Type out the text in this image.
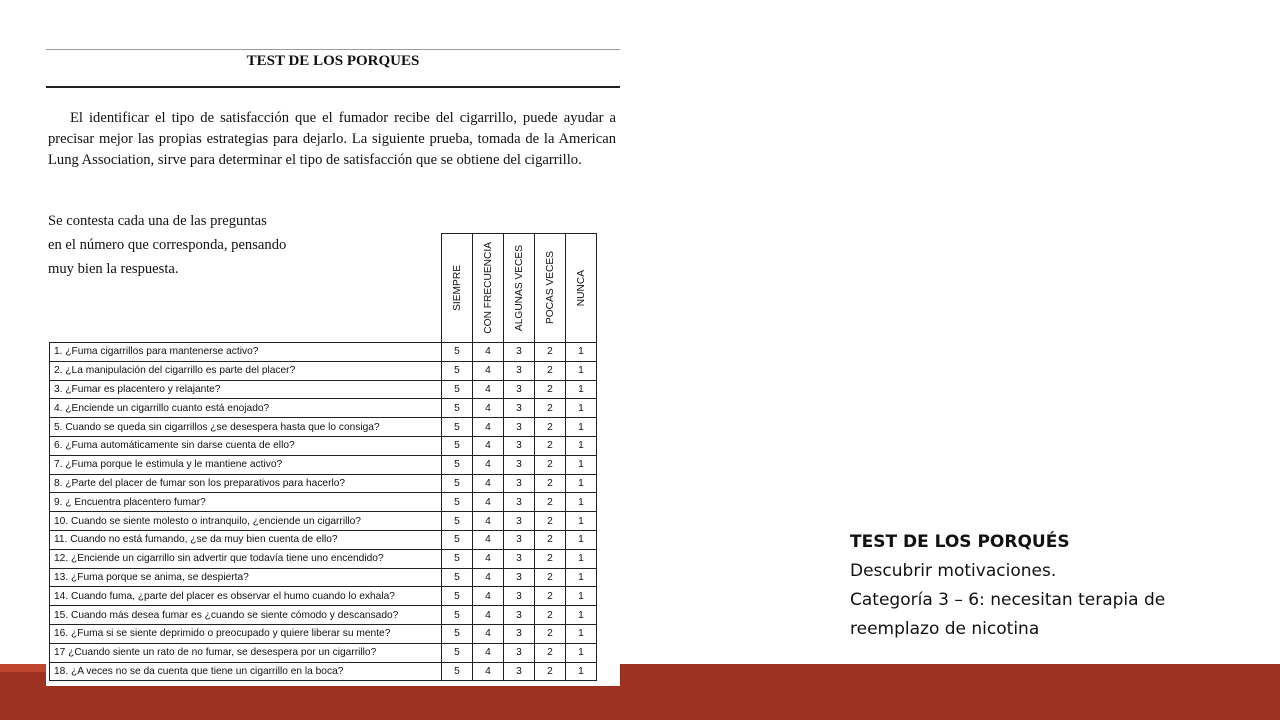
TEST DE LOS PORQUES
El identificar el tipo de satisfacción que el fumador recibe del cigarrillo, puede ayudar a precisar mejor las propias estrategias para dejarlo. La siguiente prueba, tomada de la American Lung Association, sirve para determinar el tipo de satisfacción que se obtiene del cigarrillo.
Se contesta cada una de las preguntas
en el número que corresponda, pensando
muy bien la respuesta.

	SIEMPRE	CON FRECUENCIA	ALGUNAS VECES	POCAS VECES	NUNCA

1. ¿Fuma cigarrillos para mantenerse activo?	5	4	3	2	1
2. ¿La manipulación del cigarrillo es parte del placer?	5	4	3	2	1
3. ¿Fumar es placentero y relajante?	5	4	3	2	1
4. ¿Enciende un cigarrillo cuanto está enojado?	5	4	3	2	1
5. Cuando se queda sin cigarrillos ¿se desespera hasta que lo consiga?	5	4	3	2	1
6. ¿Fuma automáticamente sin darse cuenta de ello?	5	4	3	2	1
7. ¿Fuma porque le estimula y le mantiene activo?	5	4	3	2	1
8. ¿Parte del placer de fumar son los preparativos para hacerlo?	5	4	3	2	1
9. ¿ Encuentra placentero fumar?	5	4	3	2	1
10. Cuando se siente molesto o intranquilo, ¿enciende un cigarrillo?	5	4	3	2	1
11. Cuando no está fumando, ¿se da muy bien cuenta de ello?	5	4	3	2	1
12. ¿Enciende un cigarrillo sin advertir que todavía tiene uno encendido?	5	4	3	2	1
13. ¿Fuma porque se anima, se despierta?	5	4	3	2	1
14. Cuando fuma, ¿parte del placer es observar el humo cuando lo exhala?	5	4	3	2	1
15. Cuando más desea fumar es ¿cuando se siente cómodo y descansado?	5	4	3	2	1
16. ¿Fuma si se siente deprimido o preocupado y quiere liberar su mente?	5	4	3	2	1
17 ¿Cuando siente un rato de no fumar, se desespera por un cigarrillo?	5	4	3	2	1
18. ¿A veces no se da cuenta que tiene un cigarrillo en la boca?	5	4	3	2	1
TEST DE LOS PORQUÉS
Descubrir motivaciones.
Categoría 3 – 6: necesitan terapia de
reemplazo de nicotina
